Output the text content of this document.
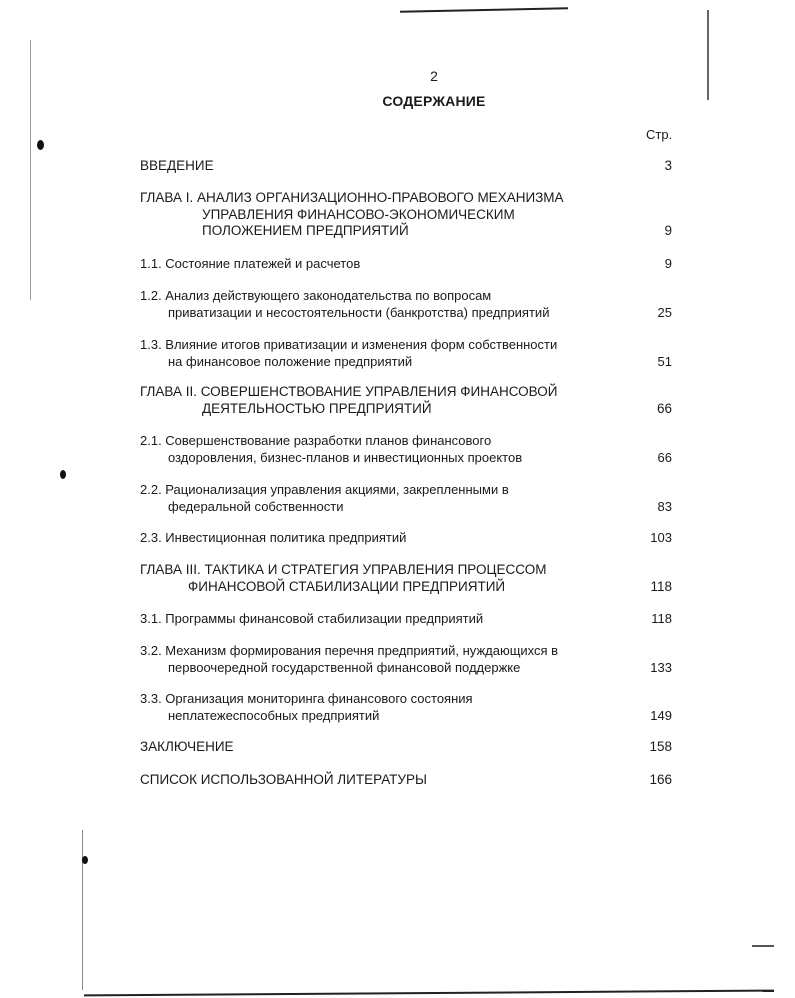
2
СОДЕРЖАНИЕ
Стр.
ВВЕДЕНИЕ	3
ГЛАВА I. АНАЛИЗ ОРГАНИЗАЦИОННО-ПРАВОВОГО МЕХАНИЗМА
УПРАВЛЕНИЯ ФИНАНСОВО-ЭКОНОМИЧЕСКИМ
ПОЛОЖЕНИЕМ ПРЕДПРИЯТИЙ	9
1.1. Состояние платежей и расчетов	9
1.2. Анализ действующего законодательства по вопросам
приватизации и несостоятельности (банкротства) предприятий	25
1.3. Влияние итогов приватизации и изменения форм собственности
на финансовое положение предприятий	51
ГЛАВА II. СОВЕРШЕНСТВОВАНИЕ УПРАВЛЕНИЯ ФИНАНСОВОЙ
ДЕЯТЕЛЬНОСТЬЮ ПРЕДПРИЯТИЙ	66
2.1. Совершенствование разработки планов финансового
оздоровления, бизнес-планов и инвестиционных проектов	66
2.2. Рационализация управления акциями, закрепленными в
федеральной собственности	83
2.3. Инвестиционная политика предприятий	103
ГЛАВА III. ТАКТИКА И СТРАТЕГИЯ УПРАВЛЕНИЯ ПРОЦЕССОМ
ФИНАНСОВОЙ СТАБИЛИЗАЦИИ ПРЕДПРИЯТИЙ	118
3.1. Программы финансовой стабилизации предприятий	118
3.2. Механизм формирования перечня предприятий, нуждающихся в
первоочередной государственной финансовой поддержке	133
3.3. Организация мониторинга финансового состояния
неплатежеспособных предприятий	149
ЗАКЛЮЧЕНИЕ	158
СПИСОК ИСПОЛЬЗОВАННОЙ ЛИТЕРАТУРЫ	166
